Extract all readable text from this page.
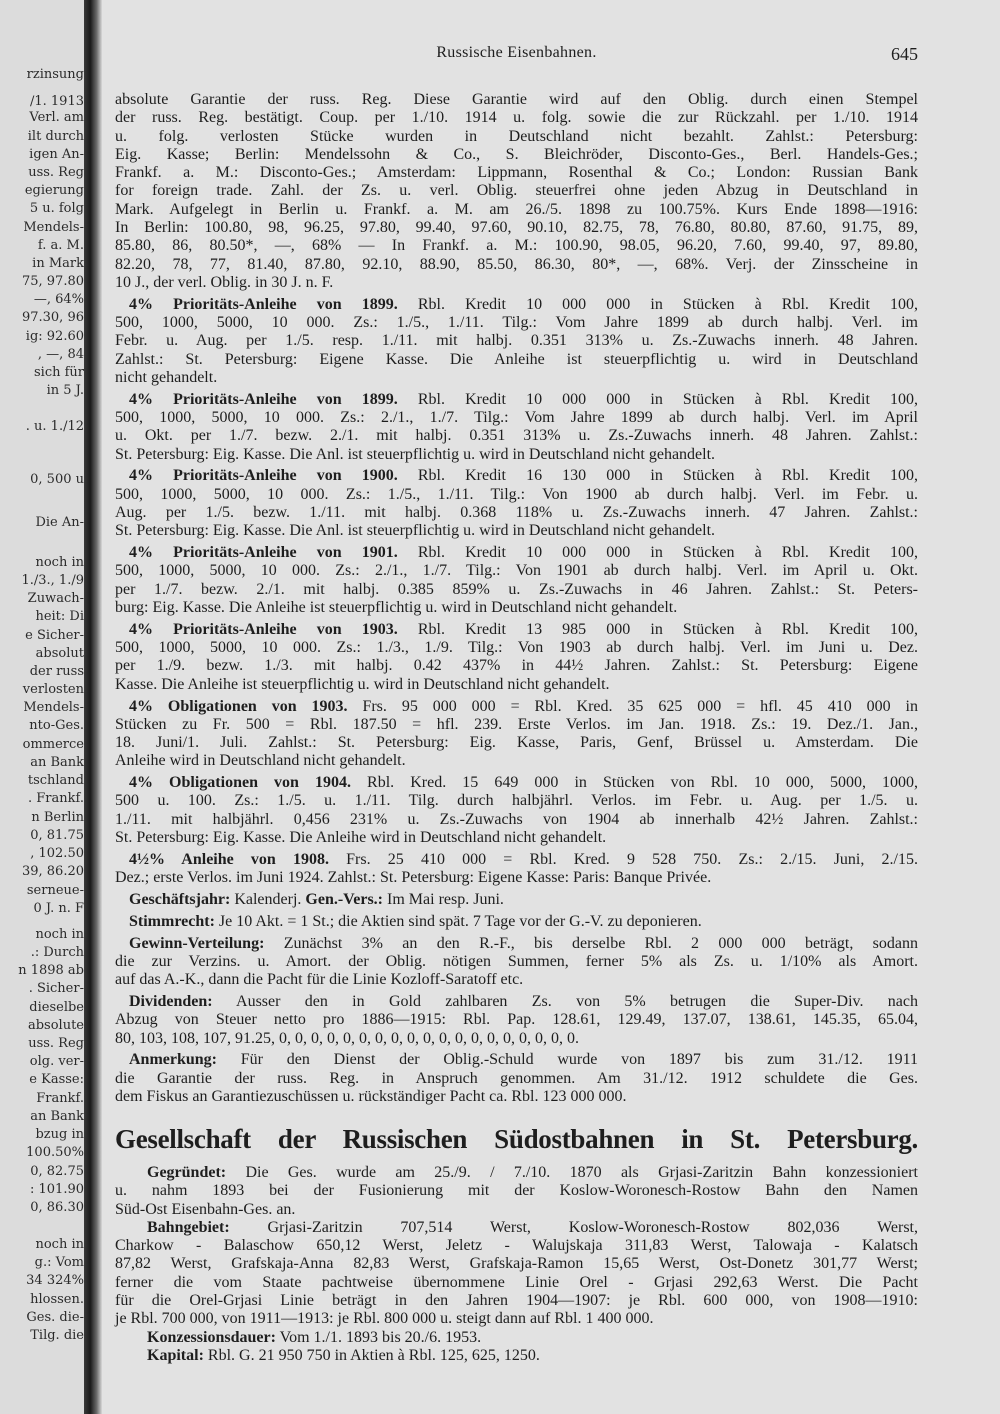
rzinsung
/1. 1913
Verl. am
ilt durch
igen An-
uss. Reg
egierung
5 u. folg
Mendels-
f. a. M.
in Mark
75, 97.80
—, 64%
97.30, 96
ig: 92.60
, —, 84
sich für
in 5 J.
. u. 1./12
0, 500 u
Die An-
noch in
1./3., 1./9
Zuwach-
heit: Di
e Sicher-
absolut
der russ
verlosten
Mendels-
nto-Ges.
ommerce
an Bank
tschland
. Frankf.
n Berlin
0, 81.75
, 102.50
39, 86.20
serneue-
0 J. n. F
noch in
.: Durch
n 1898 ab
. Sicher-
dieselbe
absolute
uss. Reg
olg. ver-
e Kasse:
Frankf.
an Bank
bzug in
100.50%
0, 82.75
: 101.90
0, 86.30
noch in
g.: Vom
34 324%
hlossen.
Ges. die-
Tilg. die
Russische Eisenbahnen.	645
absolute Garantie der russ. Reg. Diese Garantie wird auf den Oblig. durch einen Stempel
der russ. Reg. bestätigt. Coup. per 1./10. 1914 u. folg. sowie die zur Rückzahl. per 1./10. 1914
u. folg. verlosten Stücke wurden in Deutschland nicht bezahlt. Zahlst.: Petersburg:
Eig. Kasse; Berlin: Mendelssohn & Co., S. Bleichröder, Disconto-Ges., Berl. Handels-Ges.;
Frankf. a. M.: Disconto-Ges.; Amsterdam: Lippmann, Rosenthal & Co.; London: Russian Bank
for foreign trade. Zahl. der Zs. u. verl. Oblig. steuerfrei ohne jeden Abzug in Deutschland in
Mark. Aufgelegt in Berlin u. Frankf. a. M. am 26./5. 1898 zu 100.75%. Kurs Ende 1898—1916:
In Berlin: 100.80, 98, 96.25, 97.80, 99.40, 97.60, 90.10, 82.75, 78, 76.80, 80.80, 87.60, 91.75, 89,
85.80, 86, 80.50*, —, 68% — In Frankf. a. M.: 100.90, 98.05, 96.20, 7.60, 99.40, 97, 89.80,
82.20, 78, 77, 81.40, 87.80, 92.10, 88.90, 85.50, 86.30, 80*, —, 68%. Verj. der Zinsscheine in
10 J., der verl. Oblig. in 30 J. n. F.
4% Prioritäts-Anleihe von 1899. Rbl. Kredit 10 000 000 in Stücken à Rbl. Kredit 100,
500, 1000, 5000, 10 000. Zs.: 1./5., 1./11. Tilg.: Vom Jahre 1899 ab durch halbj. Verl. im
Febr. u. Aug. per 1./5. resp. 1./11. mit halbj. 0.351 313% u. Zs.-Zuwachs innerh. 48 Jahren.
Zahlst.: St. Petersburg: Eigene Kasse. Die Anleihe ist steuerpflichtig u. wird in Deutschland
nicht gehandelt.
4% Prioritäts-Anleihe von 1899. Rbl. Kredit 10 000 000 in Stücken à Rbl. Kredit 100,
500, 1000, 5000, 10 000. Zs.: 2./1., 1./7. Tilg.: Vom Jahre 1899 ab durch halbj. Verl. im April
u. Okt. per 1./7. bezw. 2./1. mit halbj. 0.351 313% u. Zs.-Zuwachs innerh. 48 Jahren. Zahlst.:
St. Petersburg: Eig. Kasse. Die Anl. ist steuerpflichtig u. wird in Deutschland nicht gehandelt.
4% Prioritäts-Anleihe von 1900. Rbl. Kredit 16 130 000 in Stücken à Rbl. Kredit 100,
500, 1000, 5000, 10 000. Zs.: 1./5., 1./11. Tilg.: Von 1900 ab durch halbj. Verl. im Febr. u.
Aug. per 1./5. bezw. 1./11. mit halbj. 0.368 118% u. Zs.-Zuwachs innerh. 47 Jahren. Zahlst.:
St. Petersburg: Eig. Kasse. Die Anl. ist steuerpflichtig u. wird in Deutschland nicht gehandelt.
4% Prioritäts-Anleihe von 1901. Rbl. Kredit 10 000 000 in Stücken à Rbl. Kredit 100,
500, 1000, 5000, 10 000. Zs.: 2./1., 1./7. Tilg.: Von 1901 ab durch halbj. Verl. im April u. Okt.
per 1./7. bezw. 2./1. mit halbj. 0.385 859% u. Zs.-Zuwachs in 46 Jahren. Zahlst.: St. Peters-
burg: Eig. Kasse. Die Anleihe ist steuerpflichtig u. wird in Deutschland nicht gehandelt.
4% Prioritäts-Anleihe von 1903. Rbl. Kredit 13 985 000 in Stücken à Rbl. Kredit 100,
500, 1000, 5000, 10 000. Zs.: 1./3., 1./9. Tilg.: Von 1903 ab durch halbj. Verl. im Juni u. Dez.
per 1./9. bezw. 1./3. mit halbj. 0.42 437% in 44½ Jahren. Zahlst.: St. Petersburg: Eigene
Kasse. Die Anleihe ist steuerpflichtig u. wird in Deutschland nicht gehandelt.
4% Obligationen von 1903. Frs. 95 000 000 = Rbl. Kred. 35 625 000 = hfl. 45 410 000 in
Stücken zu Fr. 500 = Rbl. 187.50 = hfl. 239. Erste Verlos. im Jan. 1918. Zs.: 19. Dez./1. Jan.,
18. Juni/1. Juli. Zahlst.: St. Petersburg: Eig. Kasse, Paris, Genf, Brüssel u. Amsterdam. Die
Anleihe wird in Deutschland nicht gehandelt.
4% Obligationen von 1904. Rbl. Kred. 15 649 000 in Stücken von Rbl. 10 000, 5000, 1000,
500 u. 100. Zs.: 1./5. u. 1./11. Tilg. durch halbjährl. Verlos. im Febr. u. Aug. per 1./5. u.
1./11. mit halbjährl. 0,456 231% u. Zs.-Zuwachs von 1904 ab innerhalb 42½ Jahren. Zahlst.:
St. Petersburg: Eig. Kasse. Die Anleihe wird in Deutschland nicht gehandelt.
4½% Anleihe von 1908. Frs. 25 410 000 = Rbl. Kred. 9 528 750. Zs.: 2./15. Juni, 2./15.
Dez.; erste Verlos. im Juni 1924. Zahlst.: St. Petersburg: Eigene Kasse: Paris: Banque Privée.
Geschäftsjahr: Kalenderj. Gen.-Vers.: Im Mai resp. Juni.
Stimmrecht: Je 10 Akt. = 1 St.; die Aktien sind spät. 7 Tage vor der G.-V. zu deponieren.
Gewinn-Verteilung: Zunächst 3% an den R.-F., bis derselbe Rbl. 2 000 000 beträgt, sodann
die zur Verzins. u. Amort. der Oblig. nötigen Summen, ferner 5% als Zs. u. 1/10% als Amort.
auf das A.-K., dann die Pacht für die Linie Kozloff-Saratoff etc.
Dividenden: Ausser den in Gold zahlbaren Zs. von 5% betrugen die Super-Div. nach
Abzug von Steuer netto pro 1886—1915: Rbl. Pap. 128.61, 129.49, 137.07, 138.61, 145.35, 65.04,
80, 103, 108, 107, 91.25, 0, 0, 0, 0, 0, 0, 0, 0, 0, 0, 0, 0, 0, 0, 0, 0, 0, 0, 0.
Anmerkung: Für den Dienst der Oblig.-Schuld wurde von 1897 bis zum 31./12. 1911
die Garantie der russ. Reg. in Anspruch genommen. Am 31./12. 1912 schuldete die Ges.
dem Fiskus an Garantiezuschüssen u. rückständiger Pacht ca. Rbl. 123 000 000.
Gesellschaft der Russischen Südostbahnen in St. Petersburg.
Gegründet: Die Ges. wurde am 25./9. / 7./10. 1870 als Grjasi-Zaritzin Bahn konzessioniert
u. nahm 1893 bei der Fusionierung mit der Koslow-Woronesch-Rostow Bahn den Namen
Süd-Ost Eisenbahn-Ges. an.
Bahngebiet: Grjasi-Zaritzin 707,514 Werst, Koslow-Woronesch-Rostow 802,036 Werst,
Charkow - Balaschow 650,12 Werst, Jeletz - Walujskaja 311,83 Werst, Talowaja - Kalatsch
87,82 Werst, Grafskaja-Anna 82,83 Werst, Grafskaja-Ramon 15,65 Werst, Ost-Donetz 301,77 Werst;
ferner die vom Staate pachtweise übernommene Linie Orel - Grjasi 292,63 Werst. Die Pacht
für die Orel-Grjasi Linie beträgt in den Jahren 1904—1907: je Rbl. 600 000, von 1908—1910:
je Rbl. 700 000, von 1911—1913: je Rbl. 800 000 u. steigt dann auf Rbl. 1 400 000.
Konzessionsdauer: Vom 1./1. 1893 bis 20./6. 1953.
Kapital: Rbl. G. 21 950 750 in Aktien à Rbl. 125, 625, 1250.
